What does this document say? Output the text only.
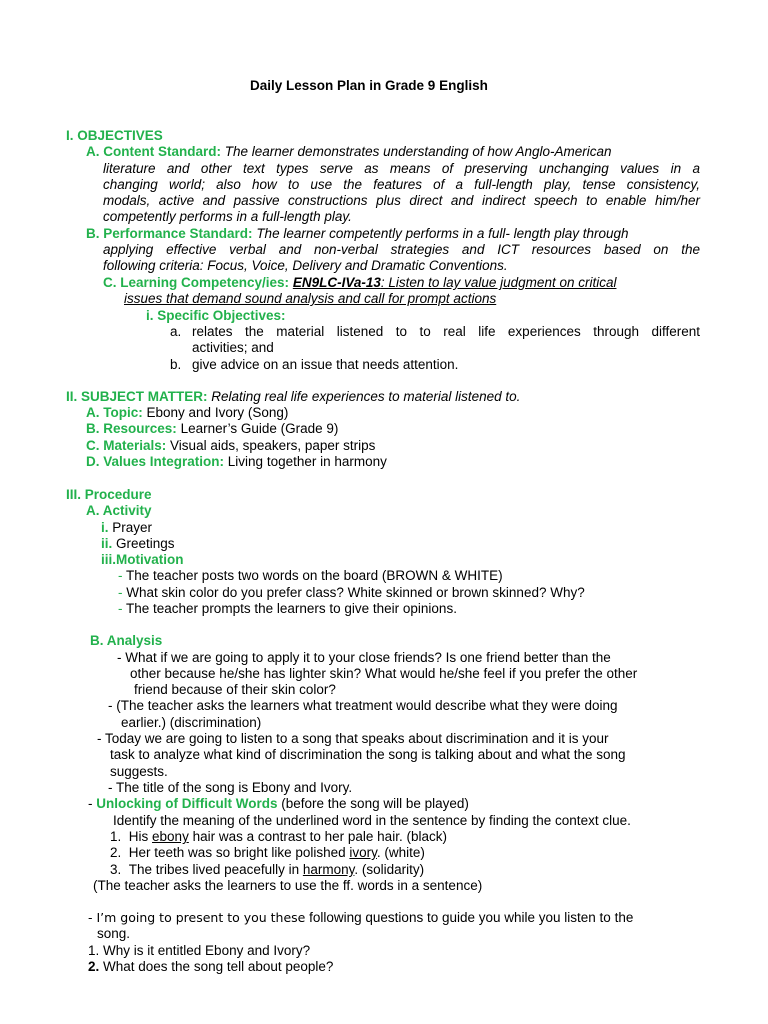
Daily Lesson Plan in Grade 9 English
I. OBJECTIVES
A. Content Standard: The learner demonstrates understanding of how Anglo-American
literature and other text types serve as means of preserving unchanging values in a
changing world; also how to use the features of a full-length play, tense consistency,
modals, active and passive constructions plus direct and indirect speech to enable him/her
competently performs in a full-length play.
B. Performance Standard: The learner competently performs in a full- length play through
applying effective verbal and non-verbal strategies and ICT resources based on the
following criteria: Focus, Voice, Delivery and Dramatic Conventions.
C. Learning Competency/ies: EN9LC-IVa-13: Listen to lay value judgment on critical
issues that demand sound analysis and call for prompt actions
i. Specific Objectives:
a. relates the material listened to to real life experiences through different
activities; and
b. give advice on an issue that needs attention.
II. SUBJECT MATTER: Relating real life experiences to material listened to.
A. Topic: Ebony and Ivory (Song)
B. Resources: Learner’s Guide (Grade 9)
C. Materials: Visual aids, speakers, paper strips
D. Values Integration: Living together in harmony
III. Procedure
A. Activity
i. Prayer
ii. Greetings
iii.Motivation
- The teacher posts two words on the board (BROWN & WHITE)
- What skin color do you prefer class? White skinned or brown skinned? Why?
- The teacher prompts the learners to give their opinions.
B. Analysis
- What if we are going to apply it to your close friends? Is one friend better than the
other because he/she has lighter skin? What would he/she feel if you prefer the other
friend because of their skin color?
- (The teacher asks the learners what treatment would describe what they were doing
earlier.) (discrimination)
- Today we are going to listen to a song that speaks about discrimination and it is your
task to analyze what kind of discrimination the song is talking about and what the song
suggests.
- The title of the song is Ebony and Ivory.
- Unlocking of Difficult Words (before the song will be played)
Identify the meaning of the underlined word in the sentence by finding the context clue.
1. His ebony hair was a contrast to her pale hair. (black)
2. Her teeth was so bright like polished ivory. (white)
3. The tribes lived peacefully in harmony. (solidarity)
(The teacher asks the learners to use the ff. words in a sentence)
- I’m going to present to you these following questions to guide you while you listen to the
song.
1. Why is it entitled Ebony and Ivory?
2. What does the song tell about people?
